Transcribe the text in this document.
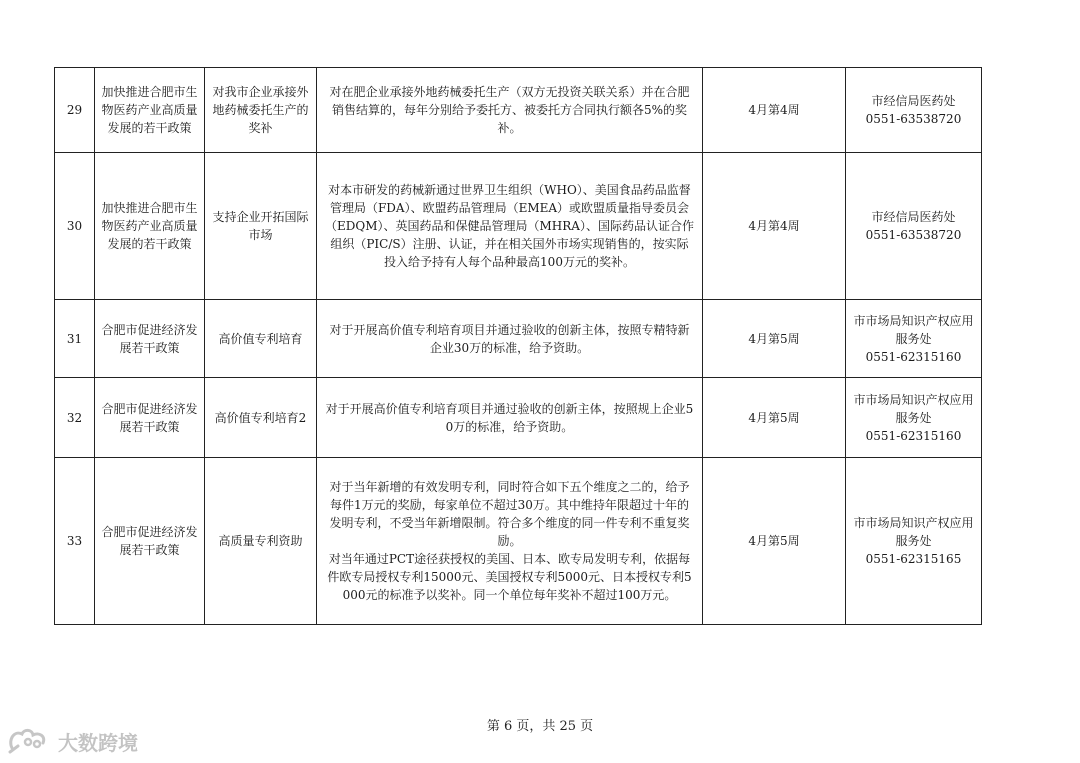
29	加快推进合肥市生物医药产业高质量发展的若干政策	对我市企业承接外地药械委托生产的奖补	对在肥企业承接外地药械委托生产（双方无投资关联关系）并在合肥销售结算的，每年分别给予委托方、被委托方合同执行额各5%的奖补。	4月第4周	市经信局医药处
0551-63538720

30	加快推进合肥市生物医药产业高质量发展的若干政策	支持企业开拓国际市场	对本市研发的药械新通过世界卫生组织（WHO）、美国食品药品监督管理局（FDA）、欧盟药品管理局（EMEA）或欧盟质量指导委员会（EDQM）、英国药品和保健品管理局（MHRA）、国际药品认证合作组织（PIC/S）注册、认证，并在相关国外市场实现销售的，按实际投入给予持有人每个品种最高100万元的奖补。	4月第4周	市经信局医药处
0551-63538720

31	合肥市促进经济发展若干政策	高价值专利培育	对于开展高价值专利培育项目并通过验收的创新主体，按照专精特新企业30万的标准，给予资助。	4月第5周	市市场局知识产权应用服务处
0551-62315160

32	合肥市促进经济发展若干政策	高价值专利培育2	对于开展高价值专利培育项目并通过验收的创新主体，按照规上企业50万的标准，给予资助。	4月第5周	市市场局知识产权应用服务处
0551-62315160

33	合肥市促进经济发展若干政策	高质量专利资助	对于当年新增的有效发明专利，同时符合如下五个维度之二的，给予每件1万元的奖励，每家单位不超过30万。其中维持年限超过十年的发明专利，不受当年新增限制。符合多个维度的同一件专利不重复奖励。
对当年通过PCT途径获授权的美国、日本、欧专局发明专利，依据每件欧专局授权专利15000元、美国授权专利5000元、日本授权专利5000元的标准予以奖补。同一个单位每年奖补不超过100万元。	4月第5周	市市场局知识产权应用服务处
0551-62315165
第 6 页，共 25 页
大数跨境
